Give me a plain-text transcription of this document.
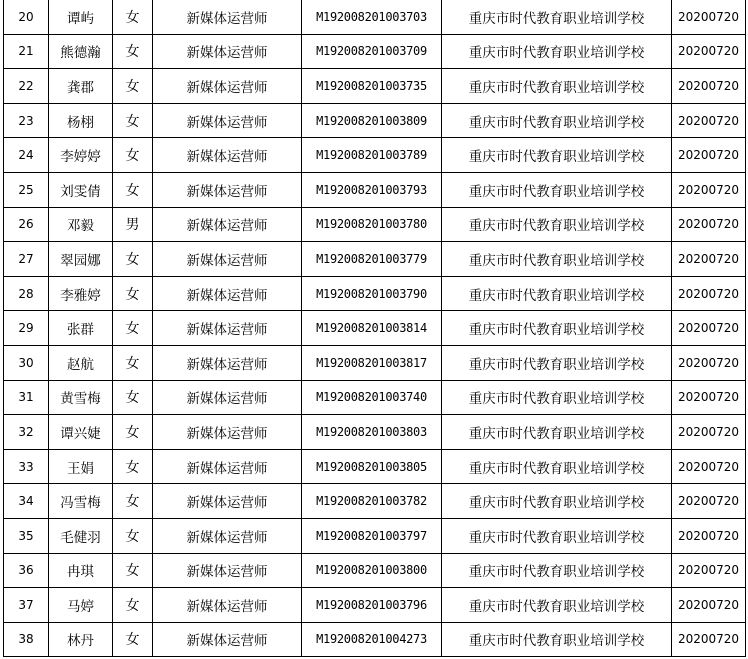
20	谭屿	女	新媒体运营师	M192008201003703	重庆市时代教育职业培训学校	20200720
21	熊德瀚	女	新媒体运营师	M192008201003709	重庆市时代教育职业培训学校	20200720
22	龚郡	女	新媒体运营师	M192008201003735	重庆市时代教育职业培训学校	20200720
23	杨栩	女	新媒体运营师	M192008201003809	重庆市时代教育职业培训学校	20200720
24	李婷婷	女	新媒体运营师	M192008201003789	重庆市时代教育职业培训学校	20200720
25	刘雯倩	女	新媒体运营师	M192008201003793	重庆市时代教育职业培训学校	20200720
26	邓毅	男	新媒体运营师	M192008201003780	重庆市时代教育职业培训学校	20200720
27	翠园娜	女	新媒体运营师	M192008201003779	重庆市时代教育职业培训学校	20200720
28	李雅婷	女	新媒体运营师	M192008201003790	重庆市时代教育职业培训学校	20200720
29	张群	女	新媒体运营师	M192008201003814	重庆市时代教育职业培训学校	20200720
30	赵航	女	新媒体运营师	M192008201003817	重庆市时代教育职业培训学校	20200720
31	黄雪梅	女	新媒体运营师	M192008201003740	重庆市时代教育职业培训学校	20200720
32	谭兴婕	女	新媒体运营师	M192008201003803	重庆市时代教育职业培训学校	20200720
33	王娟	女	新媒体运营师	M192008201003805	重庆市时代教育职业培训学校	20200720
34	冯雪梅	女	新媒体运营师	M192008201003782	重庆市时代教育职业培训学校	20200720
35	毛健羽	女	新媒体运营师	M192008201003797	重庆市时代教育职业培训学校	20200720
36	冉琪	女	新媒体运营师	M192008201003800	重庆市时代教育职业培训学校	20200720
37	马婷	女	新媒体运营师	M192008201003796	重庆市时代教育职业培训学校	20200720
38	林丹	女	新媒体运营师	M192008201004273	重庆市时代教育职业培训学校	20200720
